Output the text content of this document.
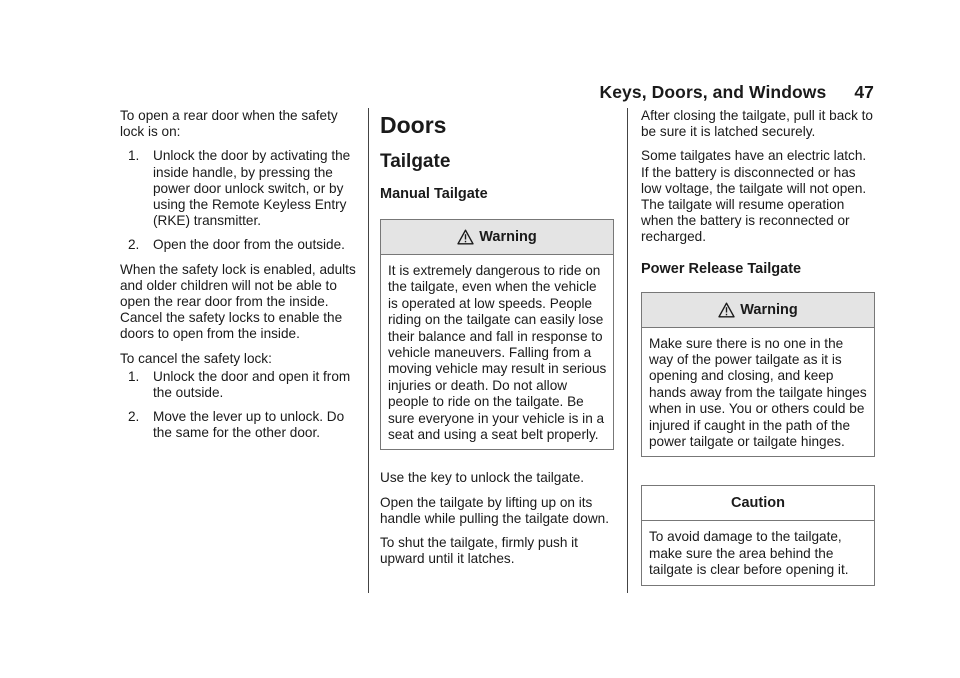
Keys, Doors, and Windows 47

To open a rear door when the safety lock is on:

1. Unlock the door by activating the inside handle, by pressing the power door unlock switch, or by using the Remote Keyless Entry (RKE) transmitter.
2. Open the door from the outside.

When the safety lock is enabled, adults and older children will not be able to open the rear door from the inside. Cancel the safety locks to enable the doors to open from the inside.

To cancel the safety lock:

1. Unlock the door and open it from the outside.
2. Move the lever up to unlock. Do the same for the other door.
Doors
Tailgate
Manual Tailgate
Warning
It is extremely dangerous to ride on the tailgate, even when the vehicle is operated at low speeds. People riding on the tailgate can easily lose their balance and fall in response to vehicle maneuvers. Falling from a moving vehicle may result in serious injuries or death. Do not allow people to ride on the tailgate. Be sure everyone in your vehicle is in a seat and using a seat belt properly.

Use the key to unlock the tailgate.

Open the tailgate by lifting up on its handle while pulling the tailgate down.

To shut the tailgate, firmly push it upward until it latches.

After closing the tailgate, pull it back to be sure it is latched securely.

Some tailgates have an electric latch. If the battery is disconnected or has low voltage, the tailgate will not open. The tailgate will resume operation when the battery is reconnected or recharged.

Power Release Tailgate
Warning
Make sure there is no one in the way of the power tailgate as it is opening and closing, and keep hands away from the tailgate hinges when in use. You or others could be injured if caught in the path of the power tailgate or tailgate hinges.
Caution
To avoid damage to the tailgate, make sure the area behind the tailgate is clear before opening it.
